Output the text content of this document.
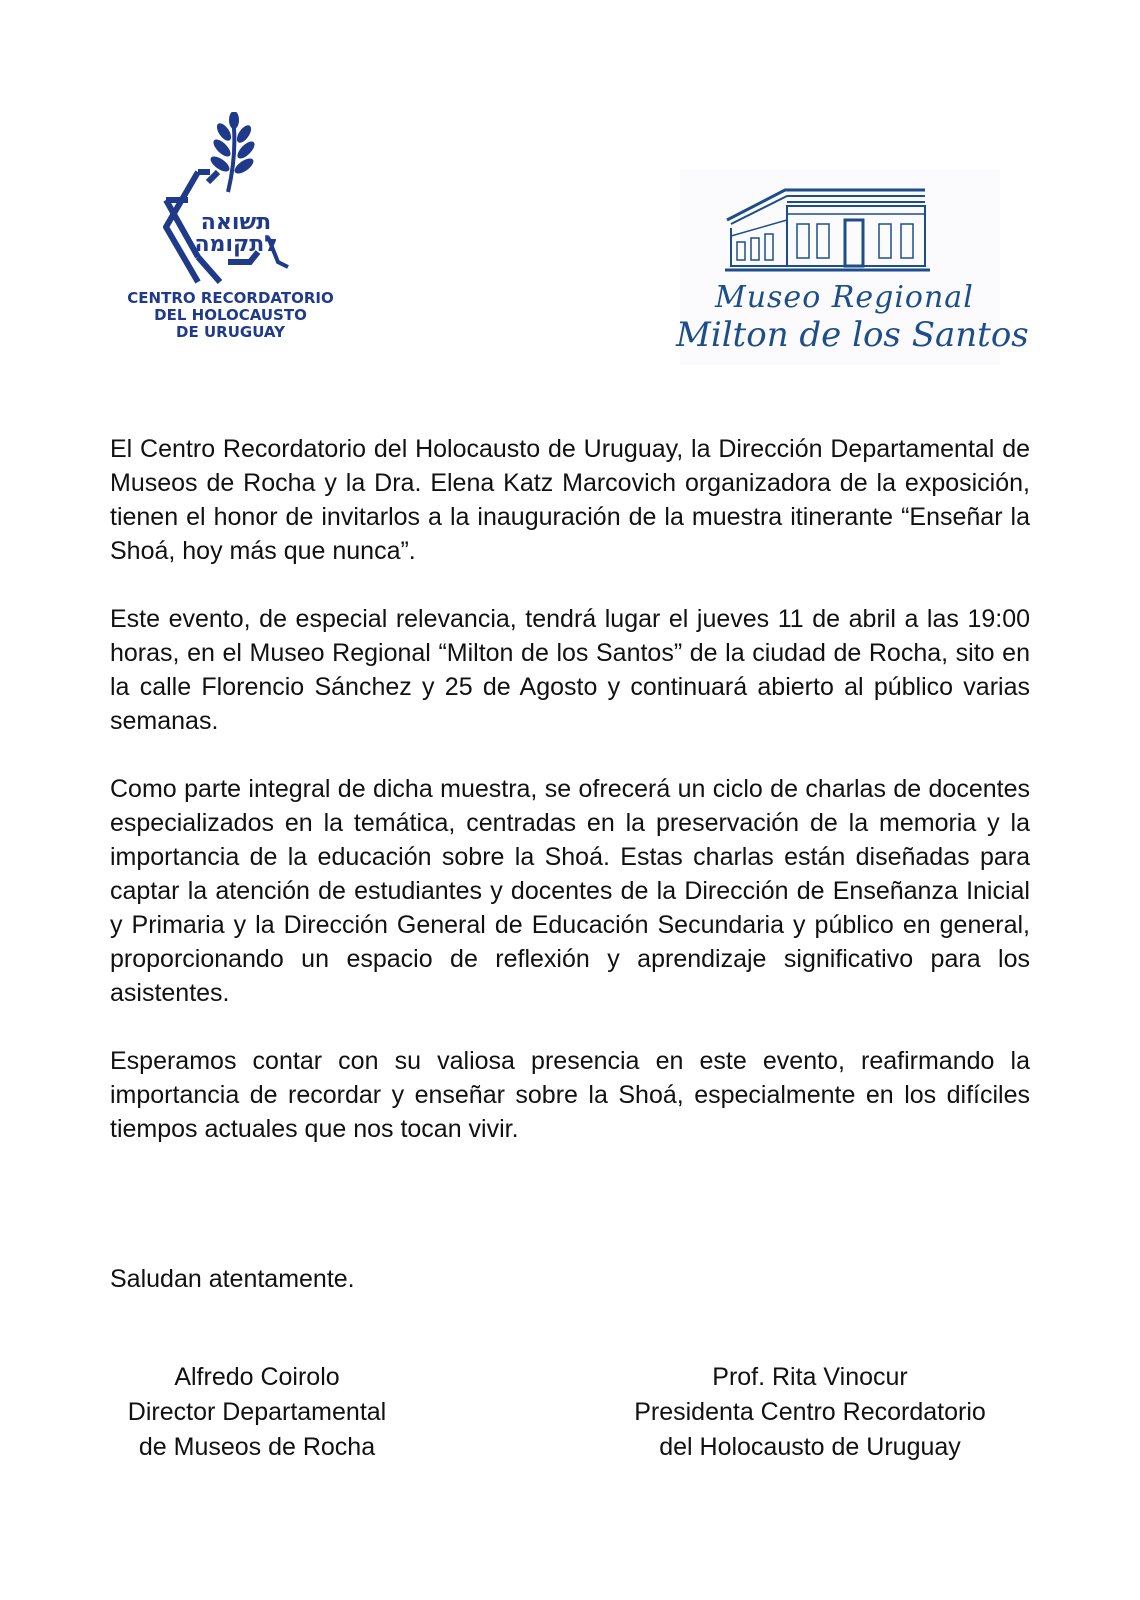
תשואה
לתקומה
CENTRO RECORDATORIO
DEL HOLOCAUSTO
DE URUGUAY
Museo Regional
Milton de los Santos

El Centro Recordatorio del Holocausto de Uruguay, la Dirección Departamental de Museos de Rocha y la Dra. Elena Katz Marcovich organizadora de la exposición, tienen el honor de invitarlos a la inauguración de la muestra itinerante “Enseñar la Shoá, hoy más que nunca”.

Este evento, de especial relevancia, tendrá lugar el jueves 11 de abril a las 19:00 horas, en el Museo Regional “Milton de los Santos” de la ciudad de Rocha, sito en la calle Florencio Sánchez y 25 de Agosto y continuará abierto al público varias semanas.

Como parte integral de dicha muestra, se ofrecerá un ciclo de charlas de docentes especializados en la temática, centradas en la preservación de la memoria y la importancia de la educación sobre la Shoá. Estas charlas están diseñadas para captar la atención de estudiantes y docentes de la Dirección de Enseñanza Inicial y Primaria y la Dirección General de Educación Secundaria y público en general, proporcionando un espacio de reflexión y aprendizaje significativo para los asistentes.

Esperamos contar con su valiosa presencia en este evento, reafirmando la importancia de recordar y enseñar sobre la Shoá, especialmente en los difíciles tiempos actuales que nos tocan vivir.

Saludan atentamente.
Alfredo Coirolo
Director Departamental
de Museos de Rocha
Prof. Rita Vinocur
Presidenta Centro Recordatorio
del Holocausto de Uruguay
